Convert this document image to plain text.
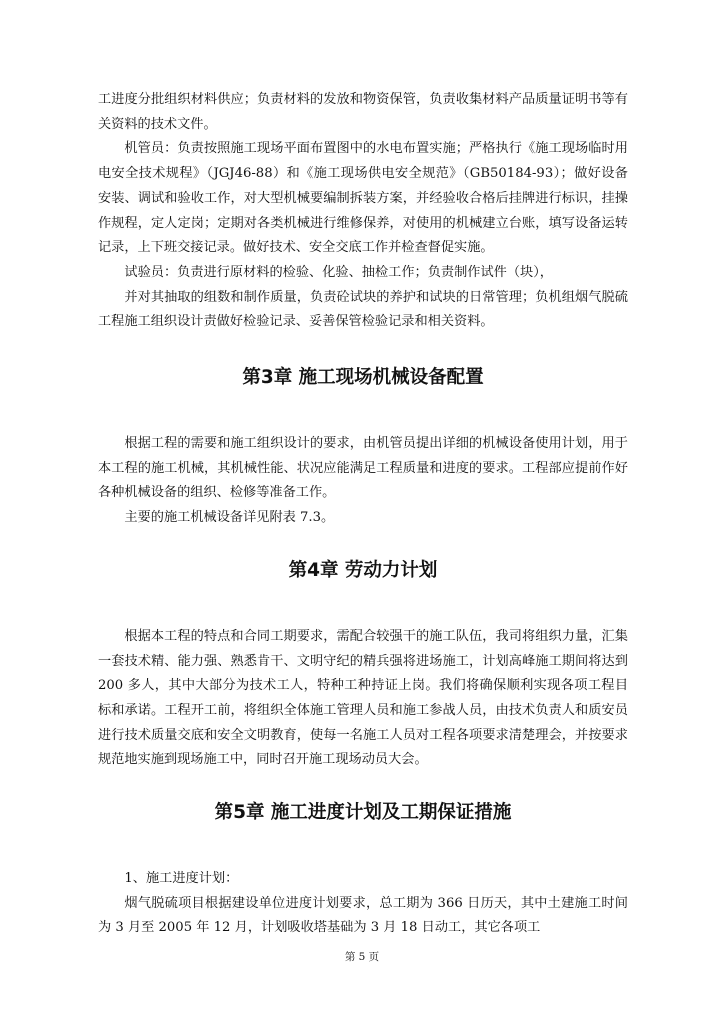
工进度分批组织材料供应；负责材料的发放和物资保管，负责收集材料产品质量证明书等有关资料的技术文件。

机管员：负责按照施工现场平面布置图中的水电布置实施；严格执行《施工现场临时用电安全技术规程》（JGJ46-88）和《施工现场供电安全规范》（GB50184-93）；做好设备安装、调试和验收工作，对大型机械要编制拆装方案，并经验收合格后挂牌进行标识，挂操作规程，定人定岗；定期对各类机械进行维修保养，对使用的机械建立台账，填写设备运转记录，上下班交接记录。做好技术、安全交底工作并检查督促实施。

试验员：负责进行原材料的检验、化验、抽检工作；负责制作试件（块），

并对其抽取的组数和制作质量，负责砼试块的养护和试块的日常管理；负机组烟气脱硫工程施工组织设计责做好检验记录、妥善保管检验记录和相关资料。

第3章 施工现场机械设备配置

根据工程的需要和施工组织设计的要求，由机管员提出详细的机械设备使用计划，用于本工程的施工机械，其机械性能、状况应能满足工程质量和进度的要求。工程部应提前作好各种机械设备的组织、检修等准备工作。

主要的施工机械设备详见附表 7.3。

第4章 劳动力计划

根据本工程的特点和合同工期要求，需配合较强干的施工队伍，我司将组织力量，汇集一套技术精、能力强、熟悉肯干、文明守纪的精兵强将进场施工，计划高峰施工期间将达到 200 多人，其中大部分为技术工人，特种工种持证上岗。我们将确保顺利实现各项工程目标和承诺。工程开工前，将组织全体施工管理人员和施工参战人员，由技术负责人和质安员进行技术质量交底和安全文明教育，使每一名施工人员对工程各项要求清楚理会，并按要求规范地实施到现场施工中，同时召开施工现场动员大会。

第5章 施工进度计划及工期保证措施

1、施工进度计划：

烟气脱硫项目根据建设单位进度计划要求，总工期为 366 日历天，其中土建施工时间为 3 月至 2005 年 12 月，计划吸收塔基础为 3 月 18 日动工，其它各项工

第 5 页
